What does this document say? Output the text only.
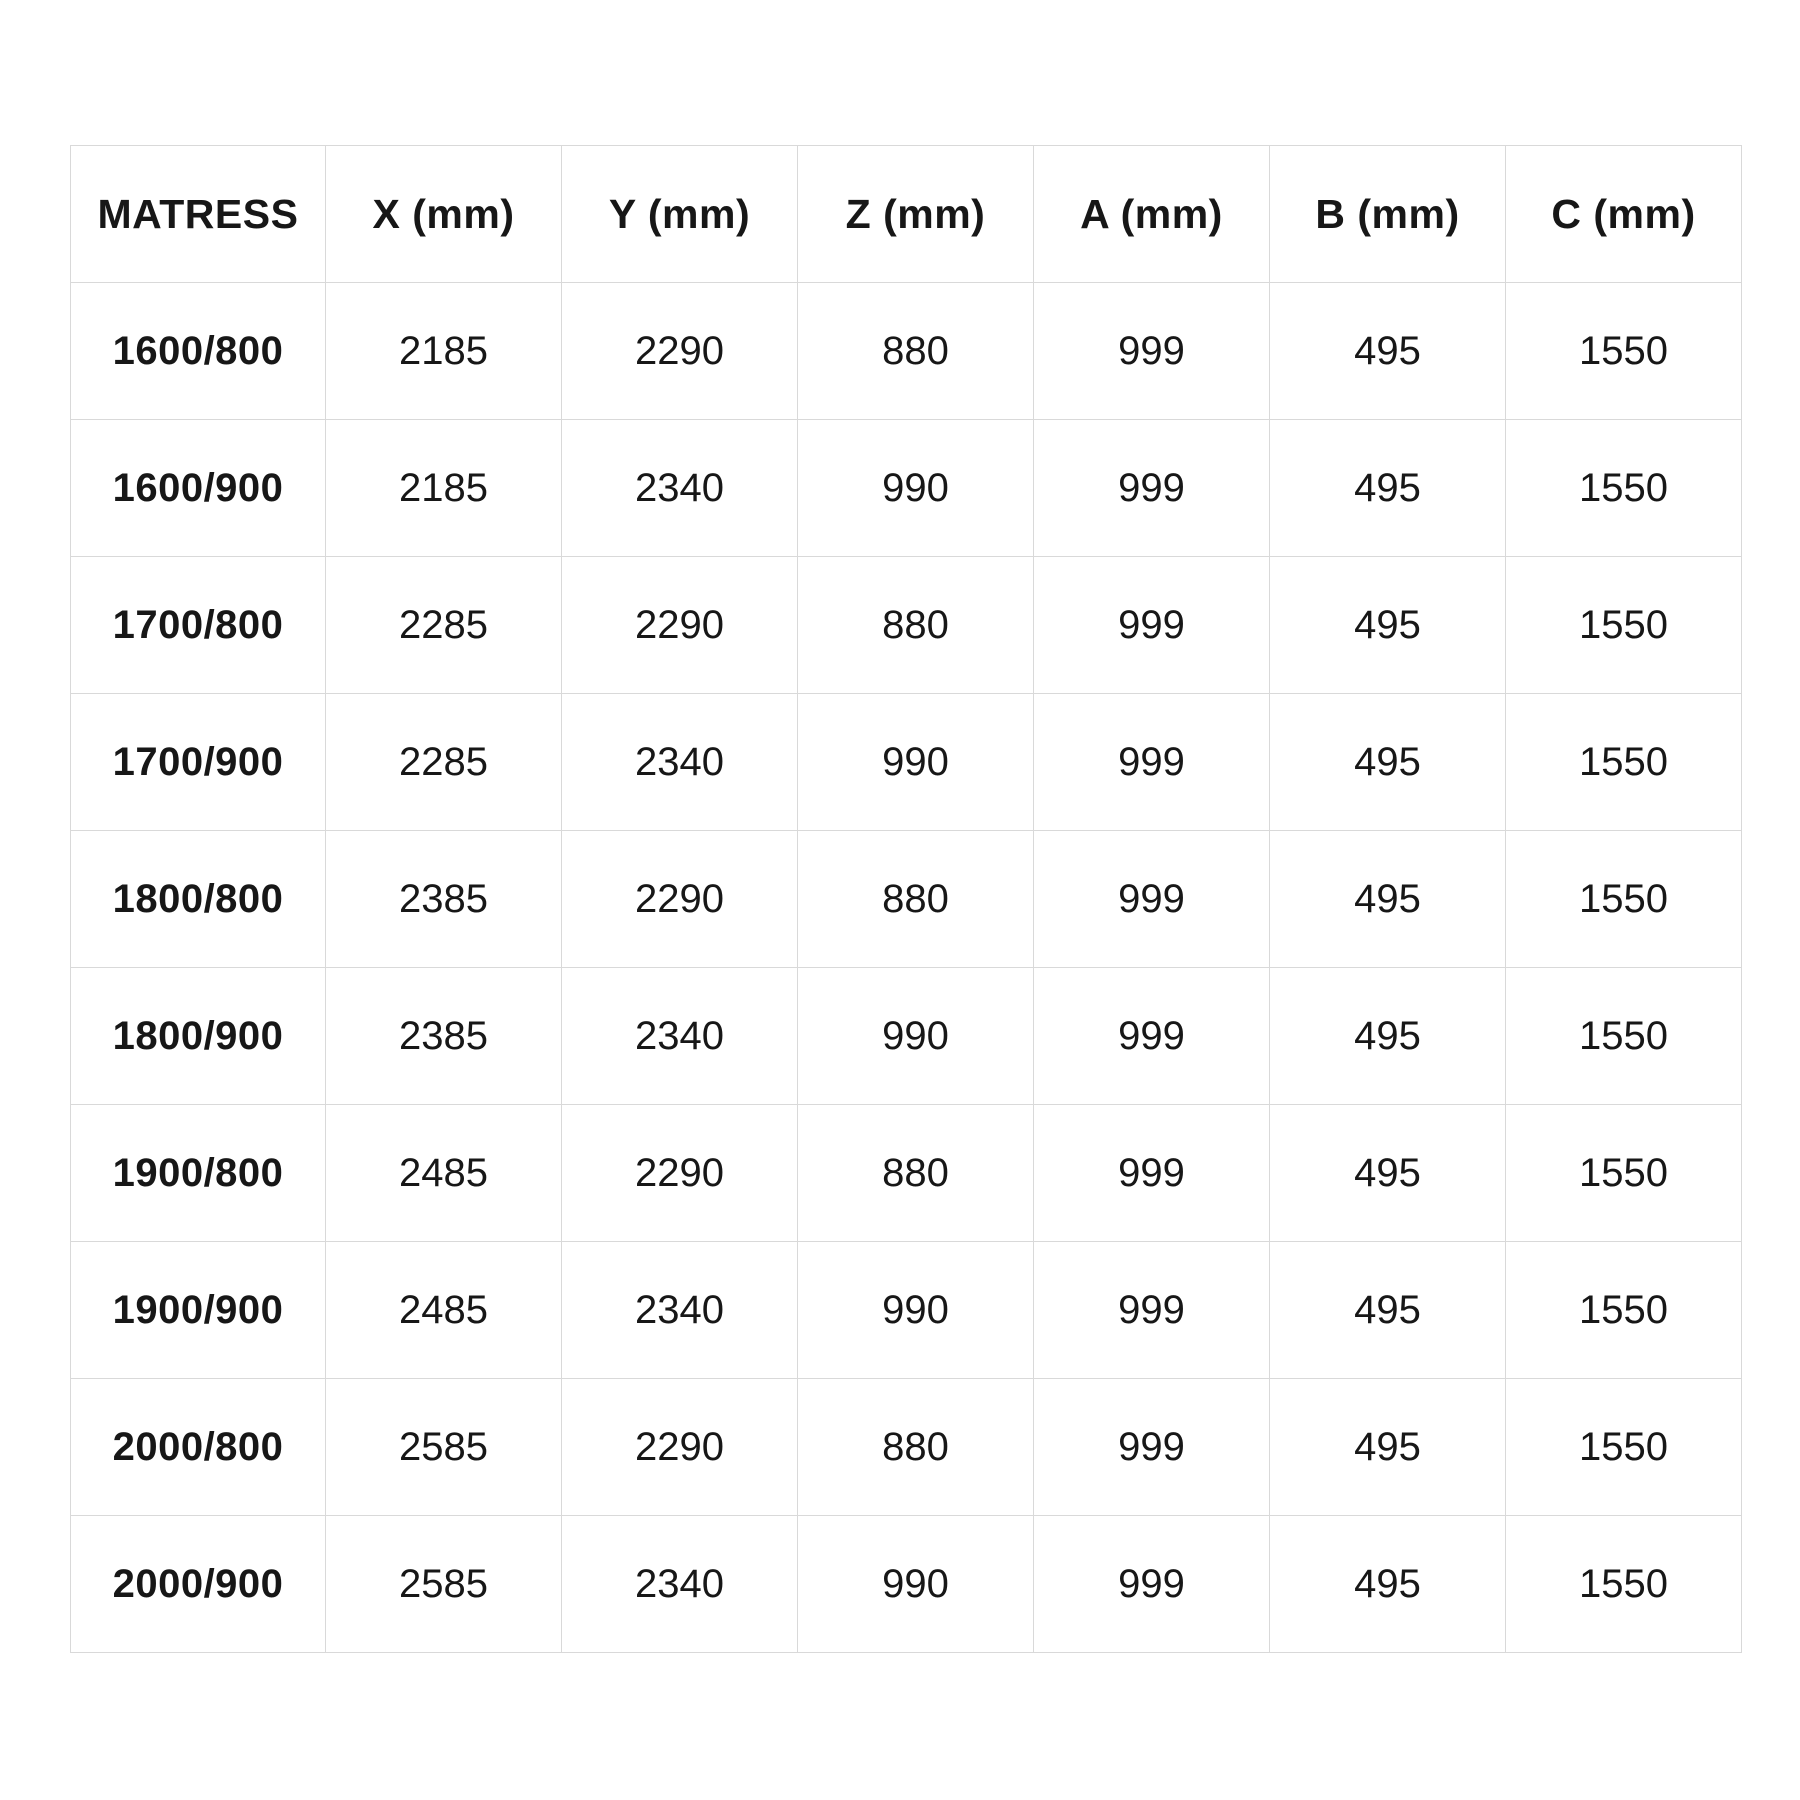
MATRESS	X (mm)	Y (mm)	Z (mm)	A (mm)	B (mm)	C (mm)
1600/800	2185	2290	880	999	495	1550
1600/900	2185	2340	990	999	495	1550
1700/800	2285	2290	880	999	495	1550
1700/900	2285	2340	990	999	495	1550
1800/800	2385	2290	880	999	495	1550
1800/900	2385	2340	990	999	495	1550
1900/800	2485	2290	880	999	495	1550
1900/900	2485	2340	990	999	495	1550
2000/800	2585	2290	880	999	495	1550
2000/900	2585	2340	990	999	495	1550
